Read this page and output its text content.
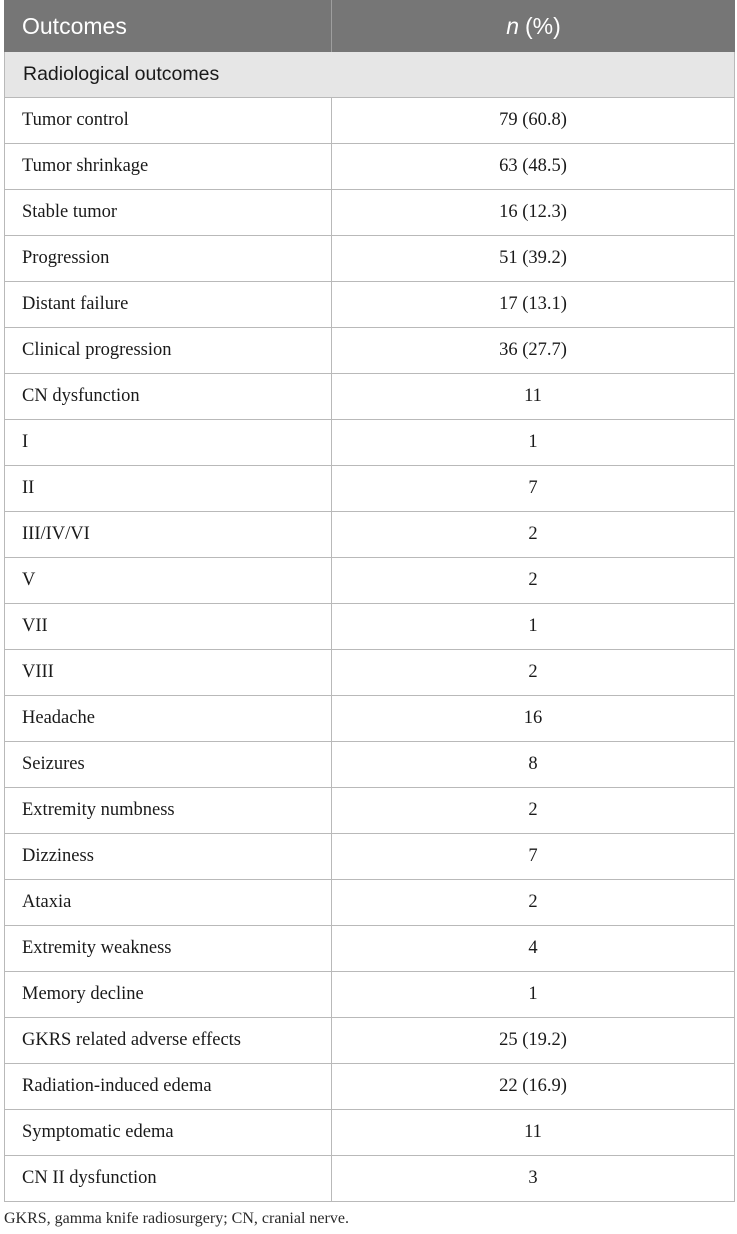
Outcomes	n (%)
Radiological outcomes
Tumor control	79 (60.8)
Tumor shrinkage	63 (48.5)
Stable tumor	16 (12.3)
Progression	51 (39.2)
Distant failure	17 (13.1)
Clinical progression	36 (27.7)
CN dysfunction	11
I	1
II	7
III/IV/VI	2
V	2
VII	1
VIII	2
Headache	16
Seizures	8
Extremity numbness	2
Dizziness	7
Ataxia	2
Extremity weakness	4
Memory decline	1
GKRS related adverse effects	25 (19.2)
Radiation-induced edema	22 (16.9)
Symptomatic edema	11
CN II dysfunction	3
GKRS, gamma knife radiosurgery; CN, cranial nerve.
